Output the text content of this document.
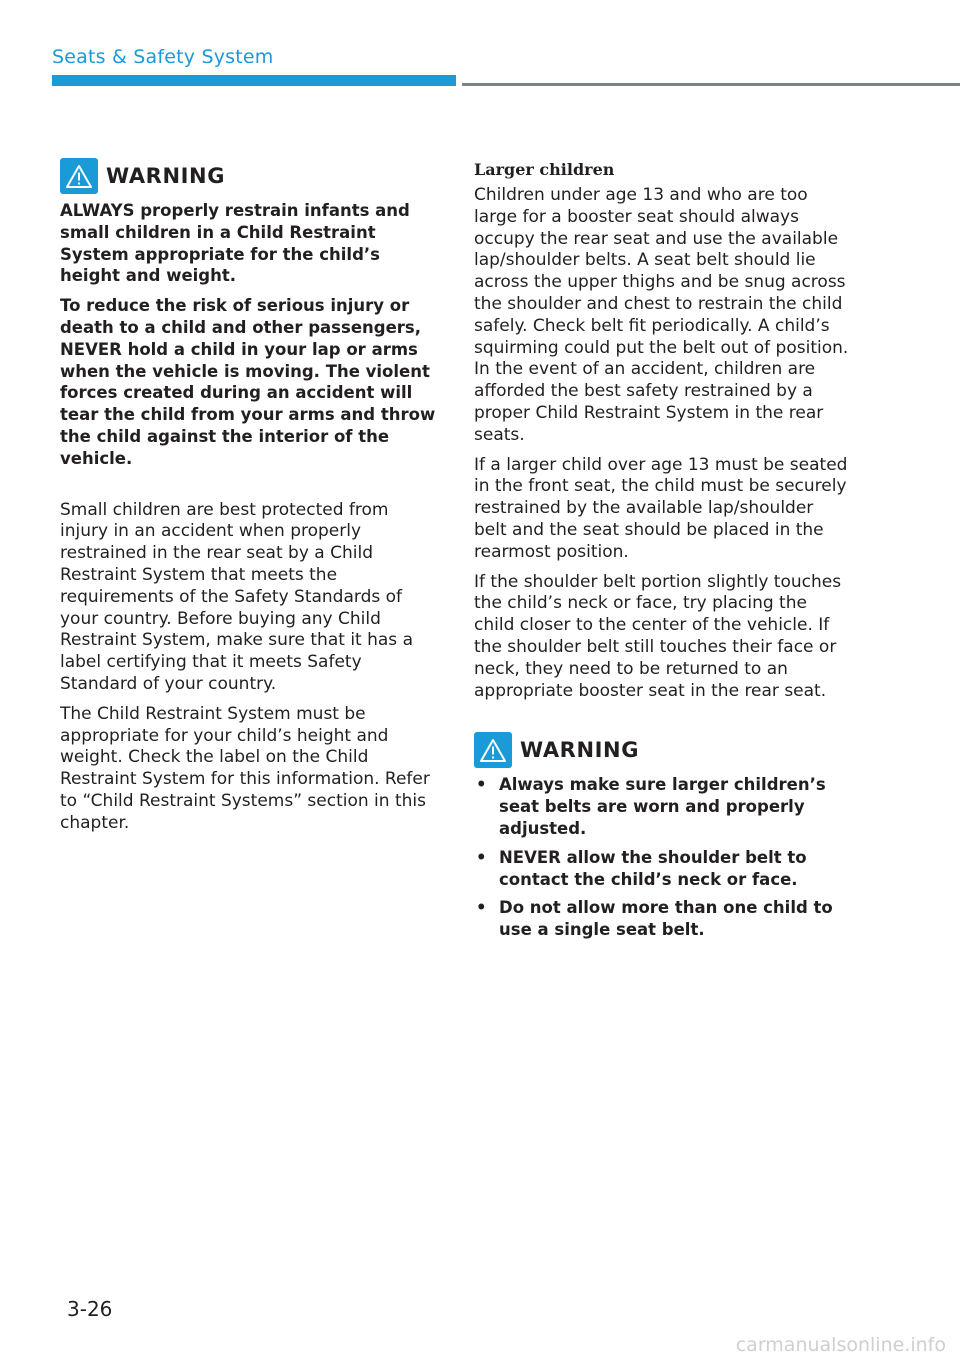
Seats & Safety System
WARNING

ALWAYS properly restrain infants and small children in a Child Restraint System appropriate for the child’s height and weight.

To reduce the risk of serious injury or death to a child and other passengers, NEVER hold a child in your lap or arms when the vehicle is moving. The violent forces created during an accident will tear the child from your arms and throw the child against the interior of the vehicle.

Small children are best protected from injury in an accident when properly restrained in the rear seat by a Child Restraint System that meets the requirements of the Safety Standards of your country. Before buying any Child Restraint System, make sure that it has a label certifying that it meets Safety Standard of your country.

The Child Restraint System must be appropriate for your child’s height and weight. Check the label on the Child Restraint System for this information. Refer to “Child Restraint Systems” section in this chapter.

Larger children

Children under age 13 and who are too large for a booster seat should always occupy the rear seat and use the available lap/shoulder belts. A seat belt should lie across the upper thighs and be snug across the shoulder and chest to restrain the child safely. Check belt fit periodically. A child’s squirming could put the belt out of position. In the event of an accident, children are afforded the best safety restrained by a proper Child Restraint System in the rear seats.

If a larger child over age 13 must be seated in the front seat, the child must be securely restrained by the available lap/shoulder belt and the seat should be placed in the rearmost position.

If the shoulder belt portion slightly touches the child’s neck or face, try placing the child closer to the center of the vehicle. If the shoulder belt still touches their face or neck, they need to be returned to an appropriate booster seat in the rear seat.

WARNING
• Always make sure larger children’s seat belts are worn and properly adjusted.
• NEVER allow the shoulder belt to contact the child’s neck or face.
• Do not allow more than one child to use a single seat belt.
3-26
carmanualsonline.info
